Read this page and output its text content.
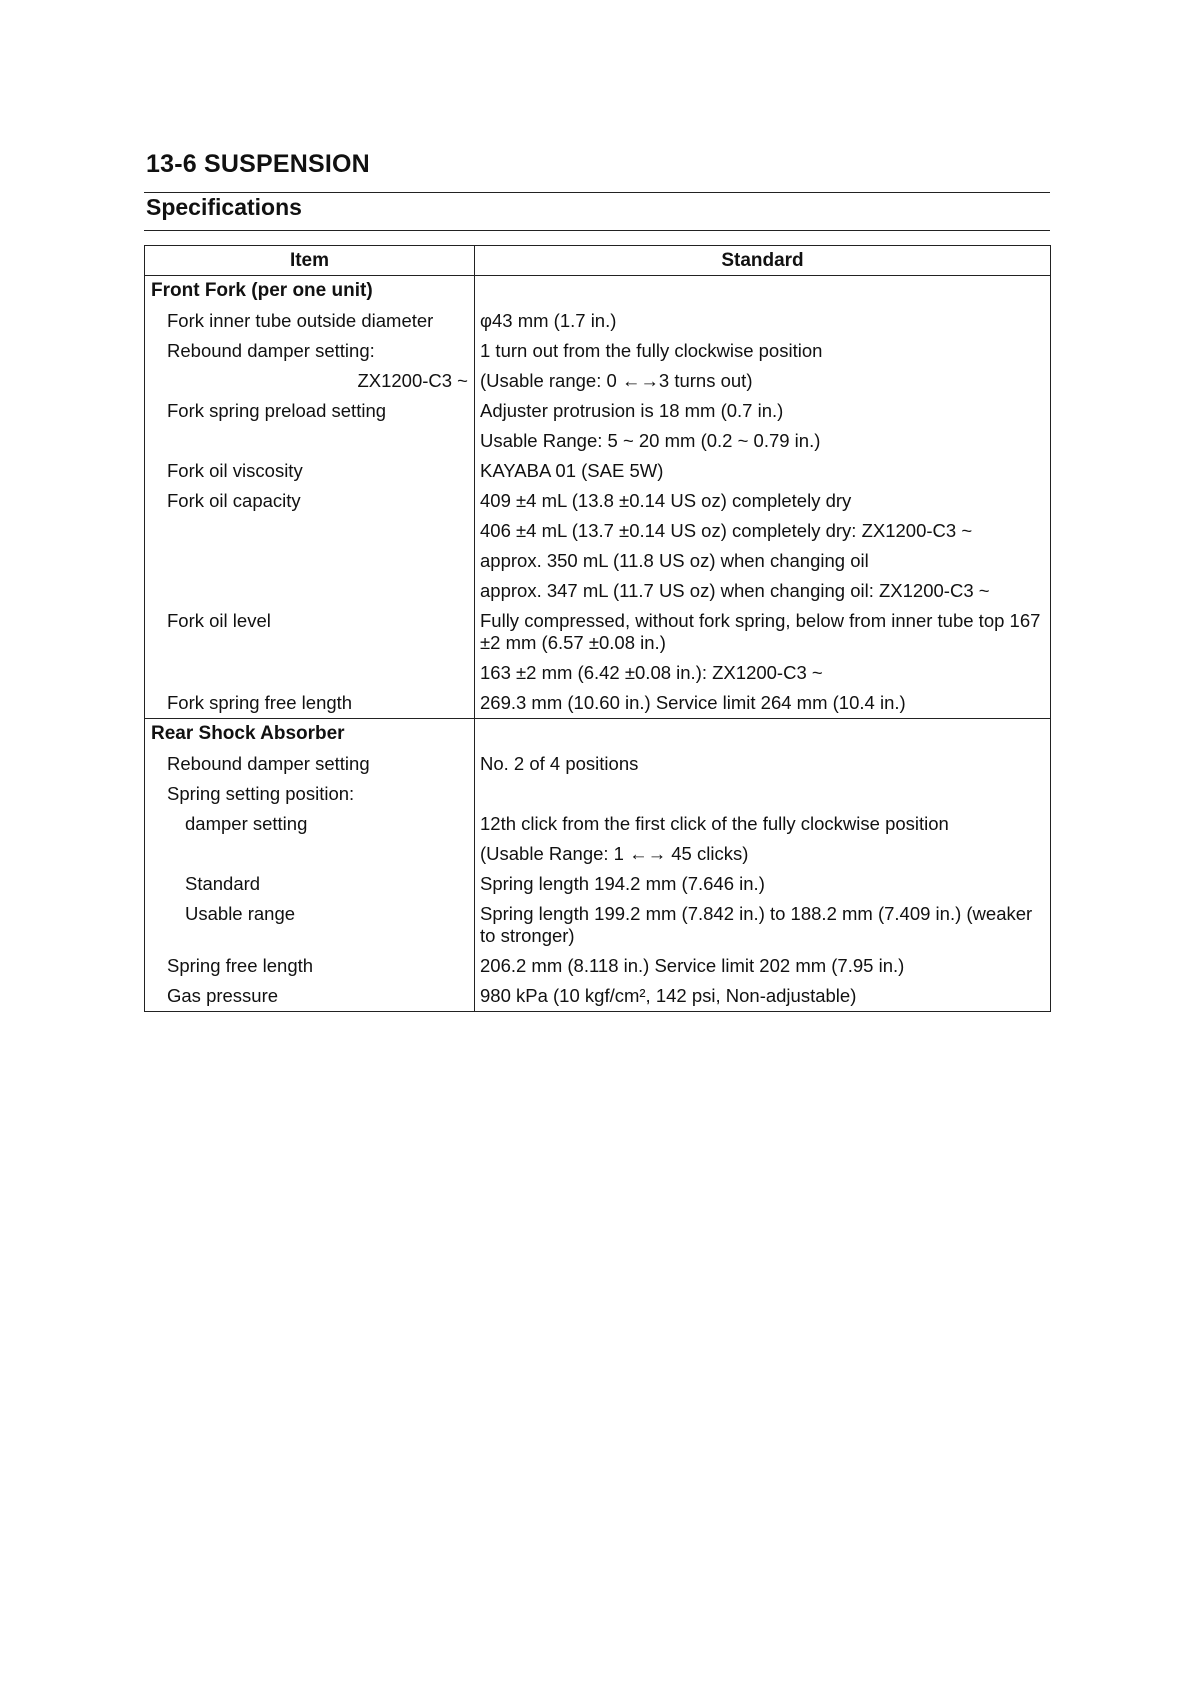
13-6 SUSPENSION
Specifications
Item	Standard

Front Fork (per one unit)	

Fork inner tube outside diameter	φ43 mm (1.7 in.)

Rebound damper setting:	1 turn out from the fully clockwise position

ZX1200-C3 ~	(Usable range: 0 ←→3 turns out)

Fork spring preload setting	Adjuster protrusion is 18 mm (0.7 in.)

	Usable Range: 5 ~ 20 mm (0.2 ~ 0.79 in.)

Fork oil viscosity	KAYABA 01 (SAE 5W)

Fork oil capacity	409 ±4 mL (13.8 ±0.14 US oz) completely dry

	406 ±4 mL (13.7 ±0.14 US oz) completely dry: ZX1200-C3 ~

	approx. 350 mL (11.8 US oz) when changing oil

	approx. 347 mL (11.7 US oz) when changing oil: ZX1200-C3 ~

Fork oil level	Fully compressed, without fork spring, below from inner tube top 167 ±2 mm (6.57 ±0.08 in.)

	163 ±2 mm (6.42 ±0.08 in.): ZX1200-C3 ~

Fork spring free length	269.3 mm (10.60 in.) Service limit 264 mm (10.4 in.)

Rear Shock Absorber	

Rebound damper setting	No. 2 of 4 positions

Spring setting position:	

damper setting	12th click from the first click of the fully clockwise position

	(Usable Range: 1 ←→ 45 clicks)

Standard	Spring length 194.2 mm (7.646 in.)

Usable range	Spring length 199.2 mm (7.842 in.) to 188.2 mm (7.409 in.) (weaker to stronger)

Spring free length	206.2 mm (8.118 in.) Service limit 202 mm (7.95 in.)

Gas pressure	980 kPa (10 kgf/cm², 142 psi, Non-adjustable)
